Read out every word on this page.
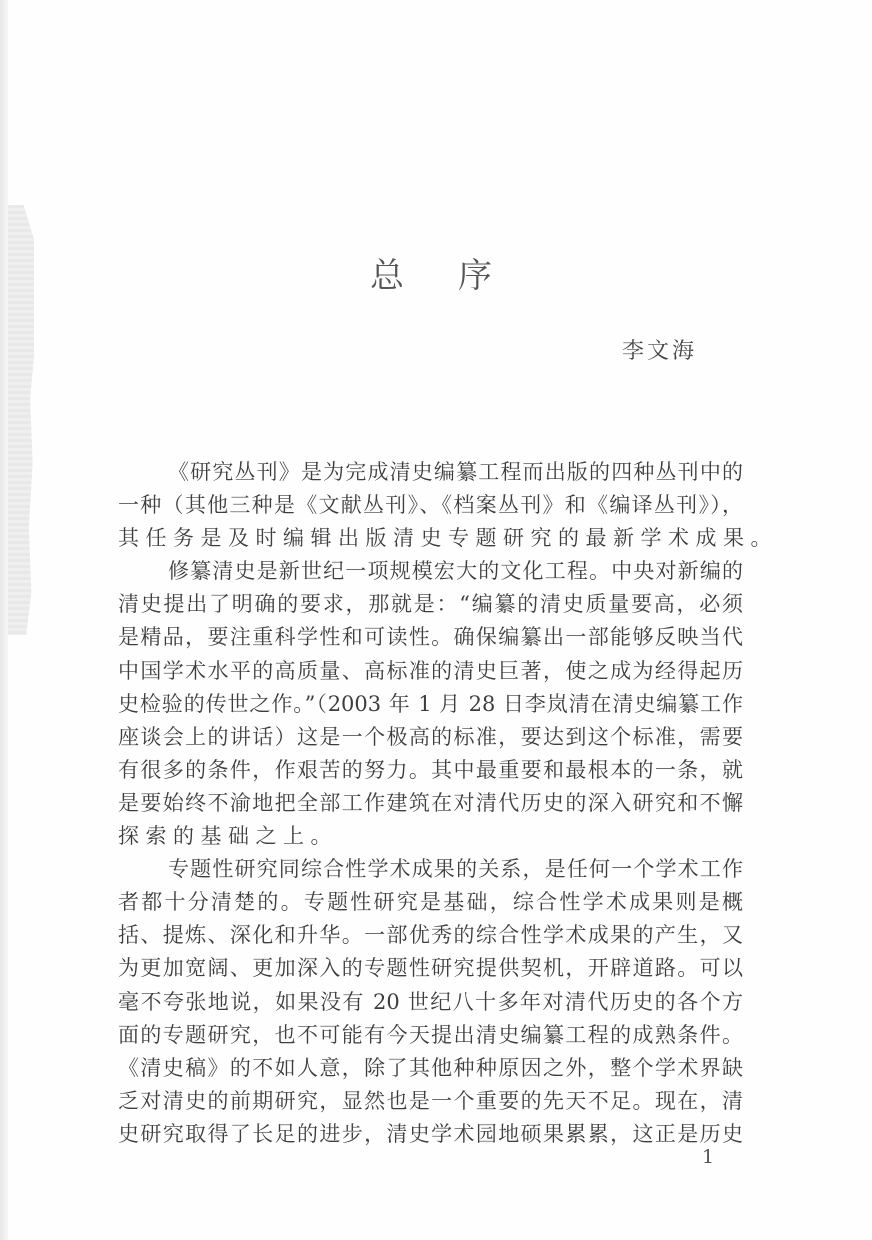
总 序
李文海
《研究丛刊》是为完成清史编纂工程而出版的四种丛刊中的
一种（其他三种是《文献丛刊》、《档案丛刊》和《编译丛刊》），
其任务是及时编辑出版清史专题研究的最新学术成果。
修纂清史是新世纪一项规模宏大的文化工程。中央对新编的
清史提出了明确的要求，那就是：“编纂的清史质量要高，必须
是精品，要注重科学性和可读性。确保编纂出一部能够反映当代
中国学术水平的高质量、高标准的清史巨著，使之成为经得起历
史检验的传世之作。”（2003 年 1 月 28 日李岚清在清史编纂工作
座谈会上的讲话）这是一个极高的标准，要达到这个标准，需要
有很多的条件，作艰苦的努力。其中最重要和最根本的一条，就
是要始终不渝地把全部工作建筑在对清代历史的深入研究和不懈
探索的基础之上。
专题性研究同综合性学术成果的关系，是任何一个学术工作
者都十分清楚的。专题性研究是基础，综合性学术成果则是概
括、提炼、深化和升华。一部优秀的综合性学术成果的产生，又
为更加宽阔、更加深入的专题性研究提供契机，开辟道路。可以
毫不夸张地说，如果没有 20 世纪八十多年对清代历史的各个方
面的专题研究，也不可能有今天提出清史编纂工程的成熟条件。
《清史稿》的不如人意，除了其他种种原因之外，整个学术界缺
乏对清史的前期研究，显然也是一个重要的先天不足。现在，清
史研究取得了长足的进步，清史学术园地硕果累累，这正是历史
1
